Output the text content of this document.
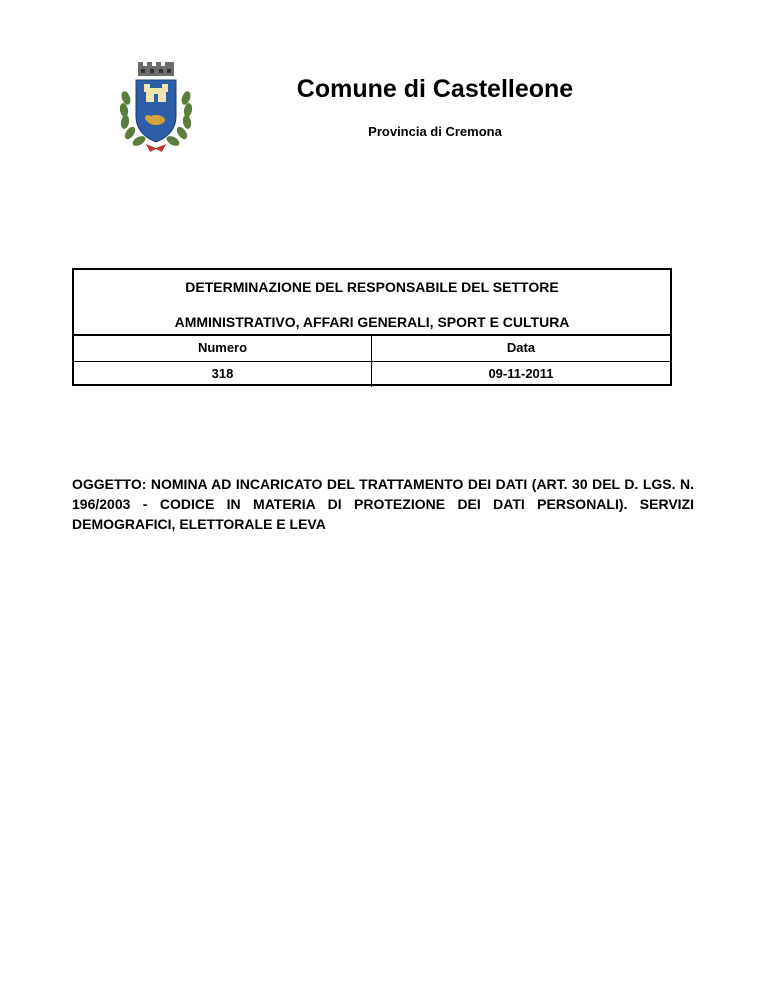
Comune di Castelleone
Provincia di Cremona
DETERMINAZIONE DEL RESPONSABILE DEL SETTORE
AMMINISTRATIVO, AFFARI GENERALI, SPORT E CULTURA
Numero	Data
318	09-11-2011
OGGETTO: NOMINA AD INCARICATO DEL TRATTAMENTO DEI DATI (ART. 30 DEL D. LGS. N. 196/2003 - CODICE IN MATERIA DI PROTEZIONE DEI DATI PERSONALI). SERVIZI DEMOGRAFICI, ELETTORALE E LEVA
